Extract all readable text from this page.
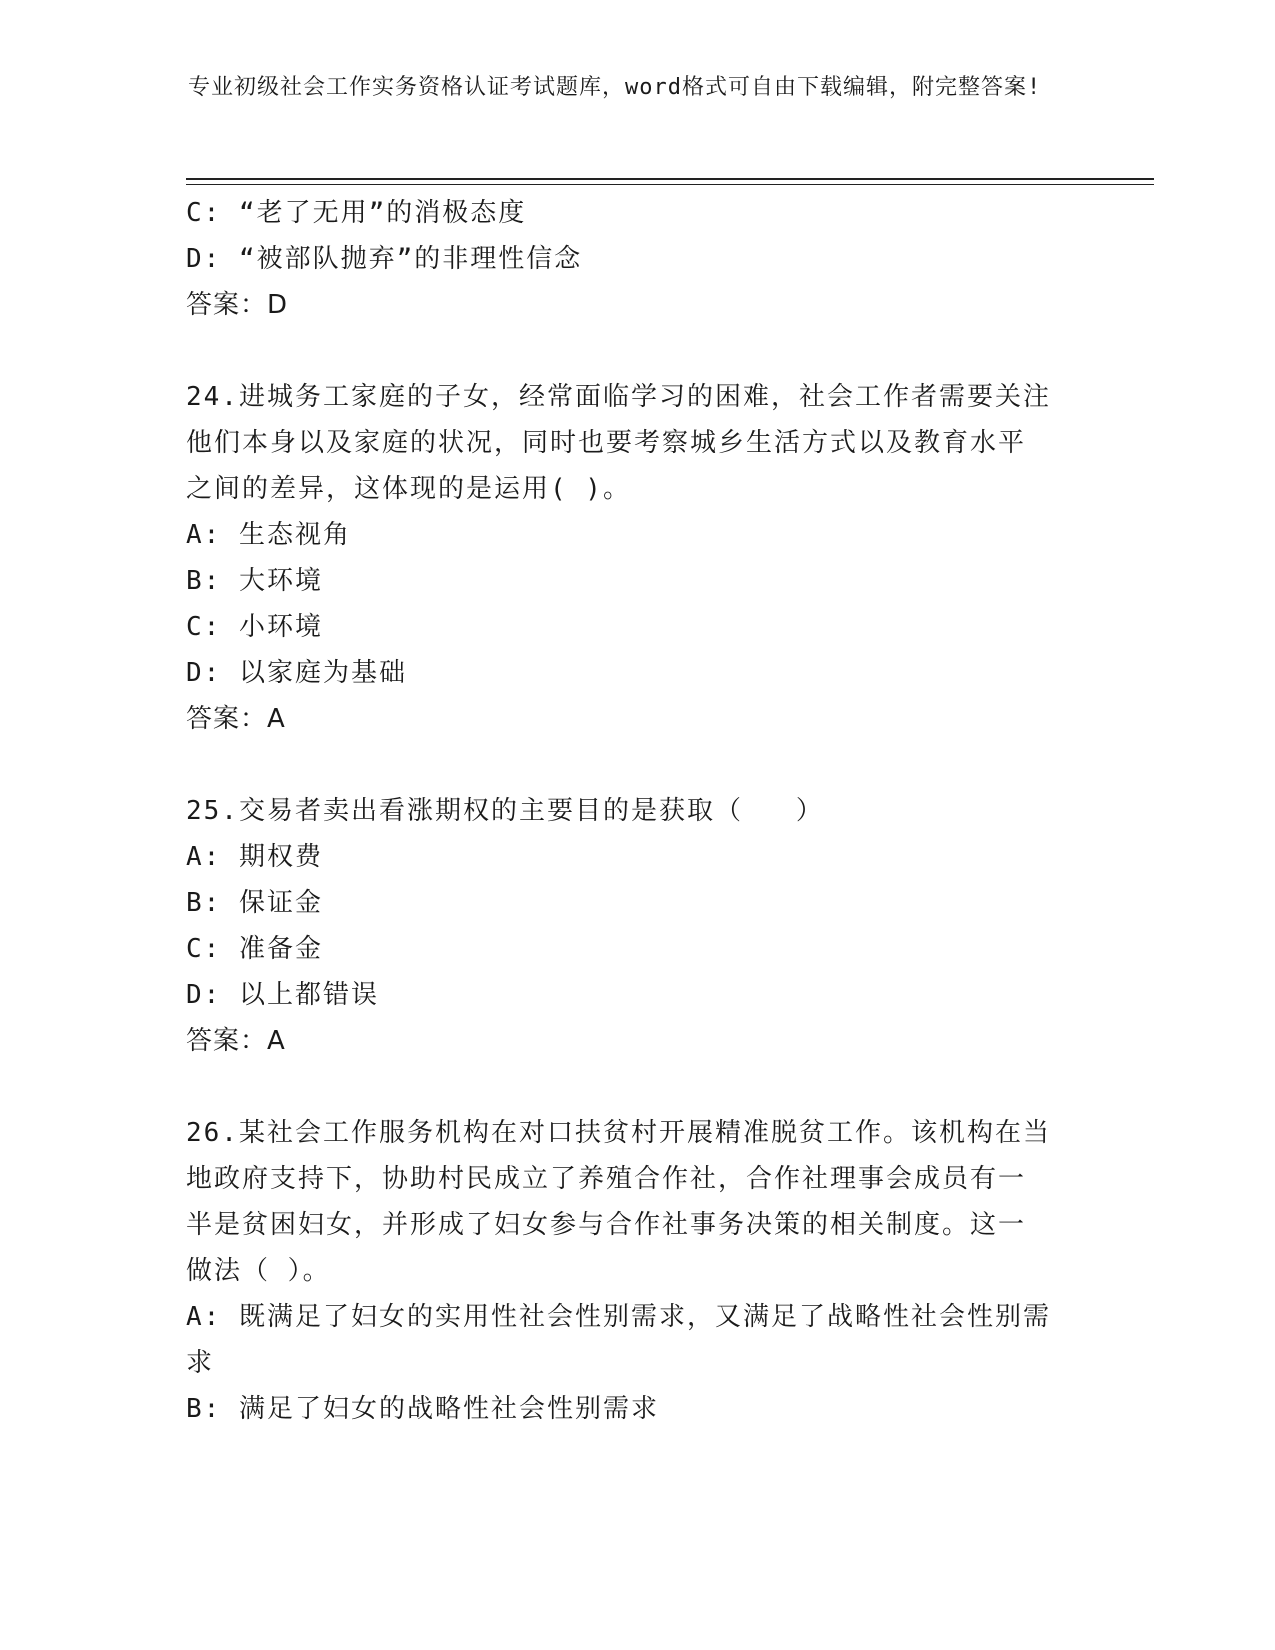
专业初级社会工作实务资格认证考试题库，word格式可自由下载编辑，附完整答案!
C: “老了无用”的消极态度
D: “被部队抛弃”的非理性信念
答案：D
24.进城务工家庭的子女，经常面临学习的困难，社会工作者需要关注
他们本身以及家庭的状况，同时也要考察城乡生活方式以及教育水平
之间的差异，这体现的是运用( )。
A: 生态视角
B: 大环境
C: 小环境
D: 以家庭为基础
答案：A
25.交易者卖出看涨期权的主要目的是获取（   ）
A: 期权费
B: 保证金
C: 准备金
D: 以上都错误
答案：A
26.某社会工作服务机构在对口扶贫村开展精准脱贫工作。该机构在当
地政府支持下，协助村民成立了养殖合作社，合作社理事会成员有一
半是贫困妇女，并形成了妇女参与合作社事务决策的相关制度。这一
做法（ ）。
A: 既满足了妇女的实用性社会性别需求，又满足了战略性社会性别需
求
B: 满足了妇女的战略性社会性别需求
